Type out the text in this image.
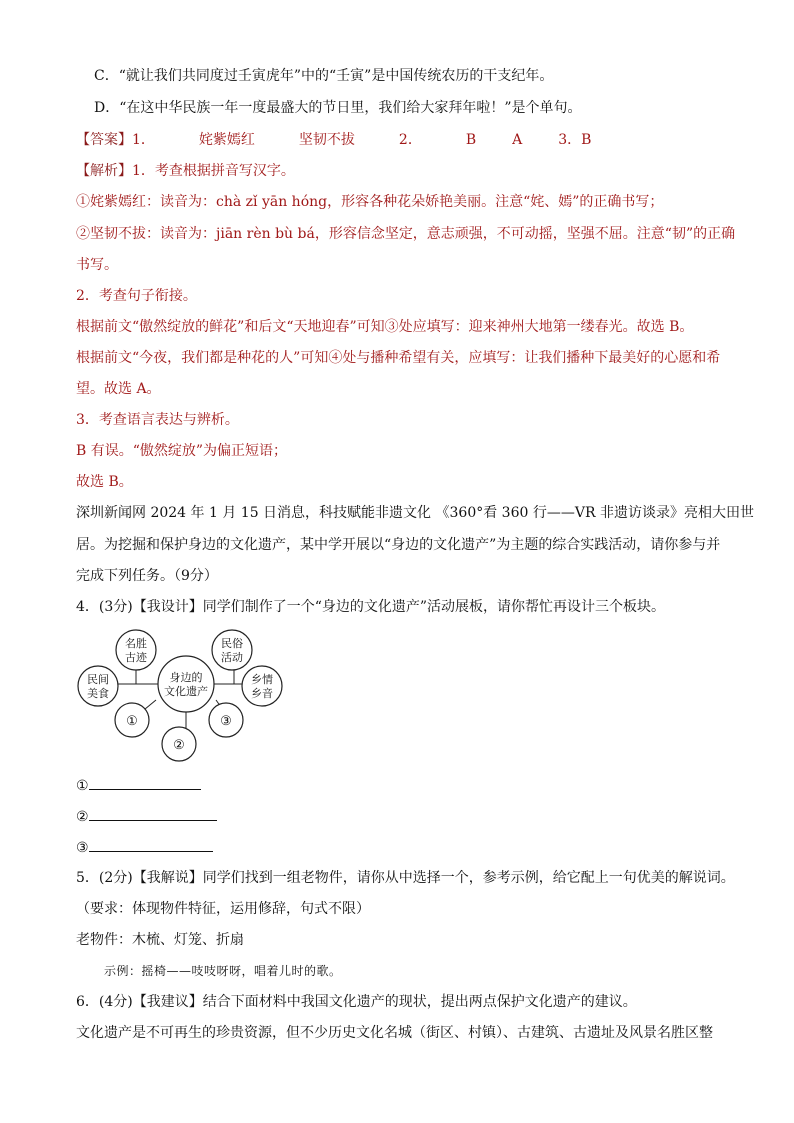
C．“就让我们共同度过壬寅虎年”中的“壬寅”是中国传统农历的干支纪年。
D．“在这中华民族一年一度最盛大的节日里，我们给大家拜年啦！”是个单句。
【答案】1．	姹紫嫣红	坚韧不拔	2．	B	A	3．B
【解析】1．考查根据拼音写汉字。
①姹紫嫣红：读音为：chà zǐ yān hóng，形容各种花朵娇艳美丽。注意“姹、嫣”的正确书写；
②坚韧不拔：读音为：jiān rèn bù bá，形容信念坚定，意志顽强，不可动摇，坚强不屈。注意“韧”的正确
书写。
2．考查句子衔接。
根据前文“傲然绽放的鲜花”和后文“天地迎春”可知③处应填写：迎来神州大地第一缕春光。故选 B。
根据前文“今夜，我们都是种花的人”可知④处与播种希望有关，应填写：让我们播种下最美好的心愿和希
望。故选 A。
3．考查语言表达与辨析。
B 有误。“傲然绽放”为偏正短语；
故选 B。
深圳新闻网 2024 年 1 月 15 日消息，科技赋能非遗文化 《360°看 360 行——VR 非遗访谈录》亮相大田世
居。为挖掘和保护身边的文化遗产，某中学开展以“身边的文化遗产”为主题的综合实践活动，请你参与并
完成下列任务。（9分）
4．(3分)【我设计】同学们制作了一个“身边的文化遗产”活动展板，请你帮忙再设计三个板块。
身边的
文化遗产
名胜
古迹
民俗
活动
民间
美食
乡情
乡音
①
②
③
①
②
③
5．(2分)【我解说】同学们找到一组老物件，请你从中选择一个，参考示例，给它配上一句优美的解说词。
（要求：体现物件特征，运用修辞，句式不限）
老物件：木梳、灯笼、折扇
示例：摇椅——吱吱呀呀，唱着儿时的歌。
6．(4分)【我建议】结合下面材料中我国文化遗产的现状，提出两点保护文化遗产的建议。
文化遗产是不可再生的珍贵资源，但不少历史文化名城（街区、村镇）、古建筑、古遗址及风景名胜区整
